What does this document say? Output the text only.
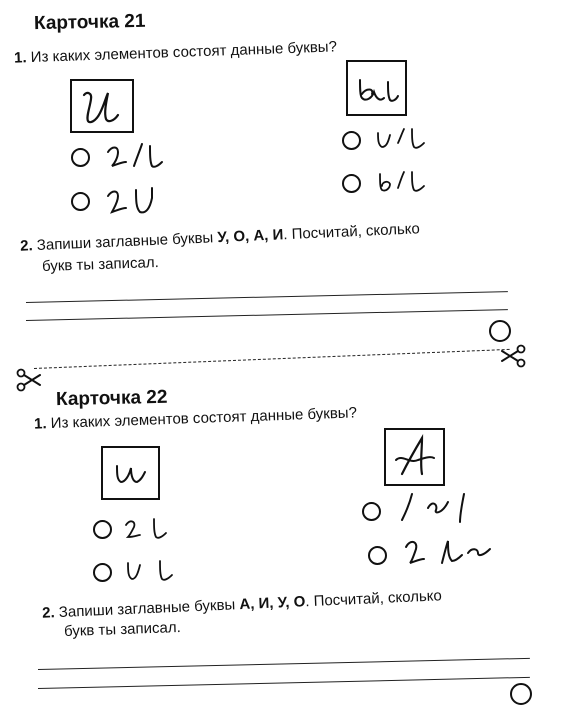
Карточка 21
1. Из каких элементов состоят данные буквы?
2. Запиши заглавные буквы У, О, А, И. Посчитай, сколько
букв ты записал.
Карточка 22
1. Из каких элементов состоят данные буквы?
2. Запиши заглавные буквы А, И, У, О. Посчитай, сколько
букв ты записал.
